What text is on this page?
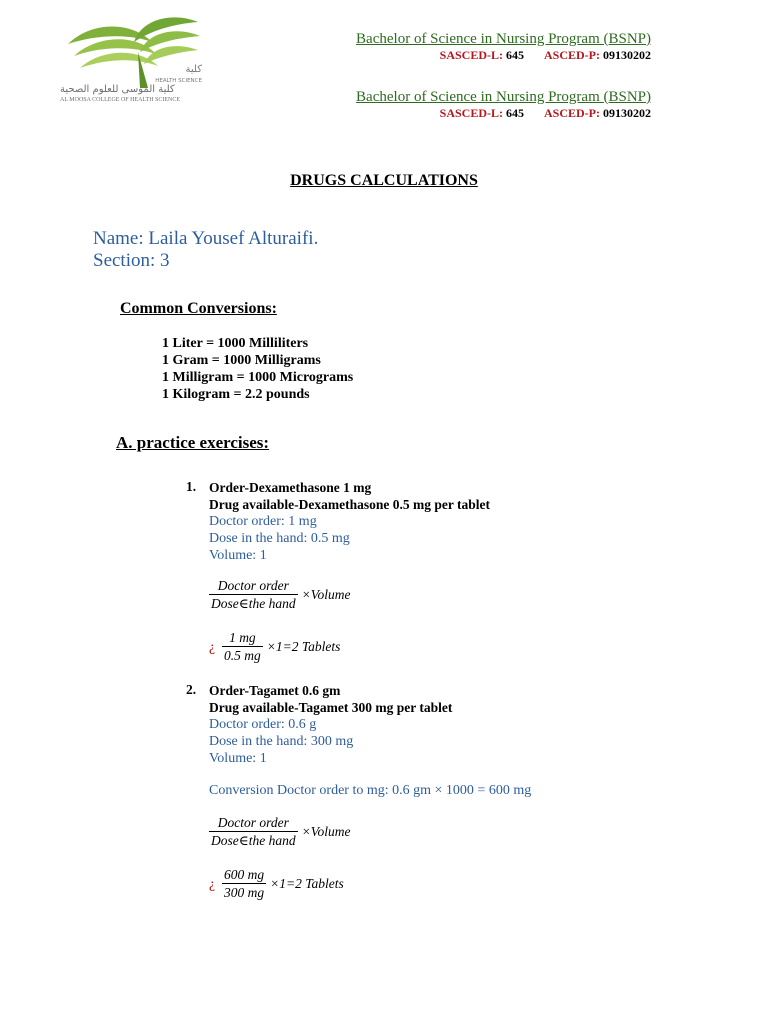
كلية
HEALTH SCIENCE
كلية الموسى للعلوم الصحية
AL MOOSA COLLEGE OF HEALTH SCIENCE
Bachelor of Science in Nursing Program (BSNP)
SASCED-L: 645 ASCED-P: 09130202
Bachelor of Science in Nursing Program (BSNP)
SASCED-L: 645 ASCED-P: 09130202
DRUGS CALCULATIONS
Name: Laila Yousef Alturaifi.
Section: 3
Common Conversions:
1 Liter = 1000 Milliliters
1 Gram = 1000 Milligrams
1 Milligram = 1000 Micrograms
1 Kilogram = 2.2 pounds
A. practice exercises:
1. Order-Dexamethasone 1 mg
Drug available-Dexamethasone 0.5 mg per tablet
Doctor order: 1 mg
Dose in the hand: 0.5 mg
Volume: 1
$\frac{\text{Doctor order}}{\text{Dose∈the hand}}$ ×Volume
¿ $\frac{1 mg}{0.5 mg} \times 1=2$ Tablets
2. Order-Tagamet 0.6 gm
Drug available-Tagamet 300 mg per tablet
Doctor order: 0.6 g
Dose in the hand: 300 mg
Volume: 1
Conversion Doctor order to mg: 0.6 gm × 1000 = 600 mg
$\frac{\text{Doctor order}}{\text{Dose∈the hand}}$ ×Volume
¿ $\frac{600 mg}{300 mg} \times 1=2$ Tablets
